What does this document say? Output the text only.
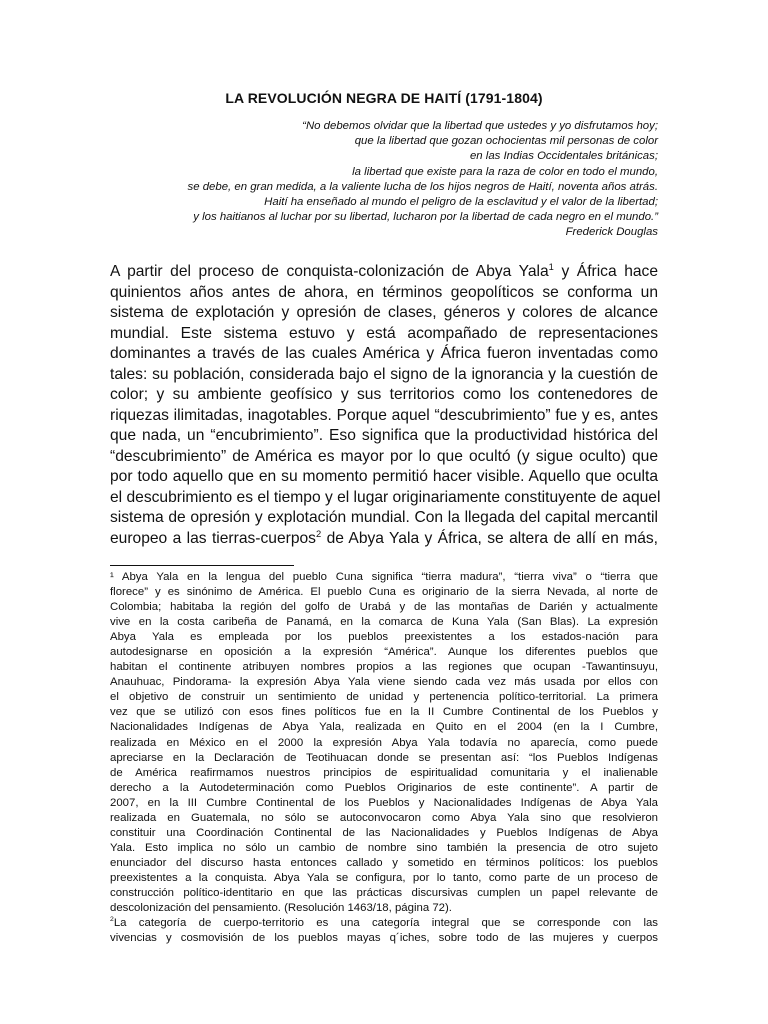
LA REVOLUCIÓN NEGRA DE HAITÍ (1791-1804)
“No debemos olvidar que la libertad que ustedes y yo disfrutamos hoy;
que la libertad que gozan ochocientas mil personas de color
en las Indias Occidentales británicas;
la libertad que existe para la raza de color en todo el mundo,
se debe, en gran medida, a la valiente lucha de los hijos negros de Haití, noventa años atrás.
Haití ha enseñado al mundo el peligro de la esclavitud y el valor de la libertad;
y los haitianos al luchar por su libertad, lucharon por la libertad de cada negro en el mundo.”
Frederick Douglas
A partir del proceso de conquista-colonización de Abya Yala$^1$ y África hace
quinientos años antes de ahora, en términos geopolíticos se conforma un
sistema de explotación y opresión de clases, géneros y colores de alcance
mundial. Este sistema estuvo y está acompañado de representaciones
dominantes a través de las cuales América y África fueron inventadas como
tales: su población, considerada bajo el signo de la ignorancia y la cuestión de
color; y su ambiente geofísico y sus territorios como los contenedores de
riquezas ilimitadas, inagotables. Porque aquel “descubrimiento” fue y es, antes
que nada, un “encubrimiento”. Eso significa que la productividad histórica del
“descubrimiento” de América es mayor por lo que ocultó (y sigue oculto) que
por todo aquello que en su momento permitió hacer visible. Aquello que oculta
el descubrimiento es el tiempo y el lugar originariamente constituyente de aquel
sistema de opresión y explotación mundial. Con la llegada del capital mercantil
europeo a las tierras-cuerpos$^2$ de Abya Yala y África, se altera de allí en más,
¹ Abya Yala en la lengua del pueblo Cuna significa “tierra madura”, “tierra viva” o “tierra que
florece” y es sinónimo de América. El pueblo Cuna es originario de la sierra Nevada, al norte de
Colombia; habitaba la región del golfo de Urabá y de las montañas de Darién y actualmente
vive en la costa caribeña de Panamá, en la comarca de Kuna Yala (San Blas). La expresión
Abya Yala es empleada por los pueblos preexistentes a los estados-nación para
autodesignarse en oposición a la expresión “América”. Aunque los diferentes pueblos que
habitan el continente atribuyen nombres propios a las regiones que ocupan -Tawantinsuyu,
Anauhuac, Pindorama- la expresión Abya Yala viene siendo cada vez más usada por ellos con
el objetivo de construir un sentimiento de unidad y pertenencia político-territorial. La primera
vez que se utilizó con esos fines políticos fue en la II Cumbre Continental de los Pueblos y
Nacionalidades Indígenas de Abya Yala, realizada en Quito en el 2004 (en la I Cumbre,
realizada en México en el 2000 la expresión Abya Yala todavía no aparecía, como puede
apreciarse en la Declaración de Teotihuacan donde se presentan así: “los Pueblos Indígenas
de América reafirmamos nuestros principios de espiritualidad comunitaria y el inalienable
derecho a la Autodeterminación como Pueblos Originarios de este continente”. A partir de
2007, en la III Cumbre Continental de los Pueblos y Nacionalidades Indígenas de Abya Yala
realizada en Guatemala, no sólo se autoconvocaron como Abya Yala sino que resolvieron
constituir una Coordinación Continental de las Nacionalidades y Pueblos Indígenas de Abya
Yala. Esto implica no sólo un cambio de nombre sino también la presencia de otro sujeto
enunciador del discurso hasta entonces callado y sometido en términos políticos: los pueblos
preexistentes a la conquista. Abya Yala se configura, por lo tanto, como parte de un proceso de
construcción político-identitario en que las prácticas discursivas cumplen un papel relevante de
descolonización del pensamiento. (Resolución 1463/18, página 72).
$^2$La categoría de cuerpo-territorio es una categoría integral que se corresponde con las
vivencias y cosmovisión de los pueblos mayas q´iches, sobre todo de las mujeres y cuerpos
